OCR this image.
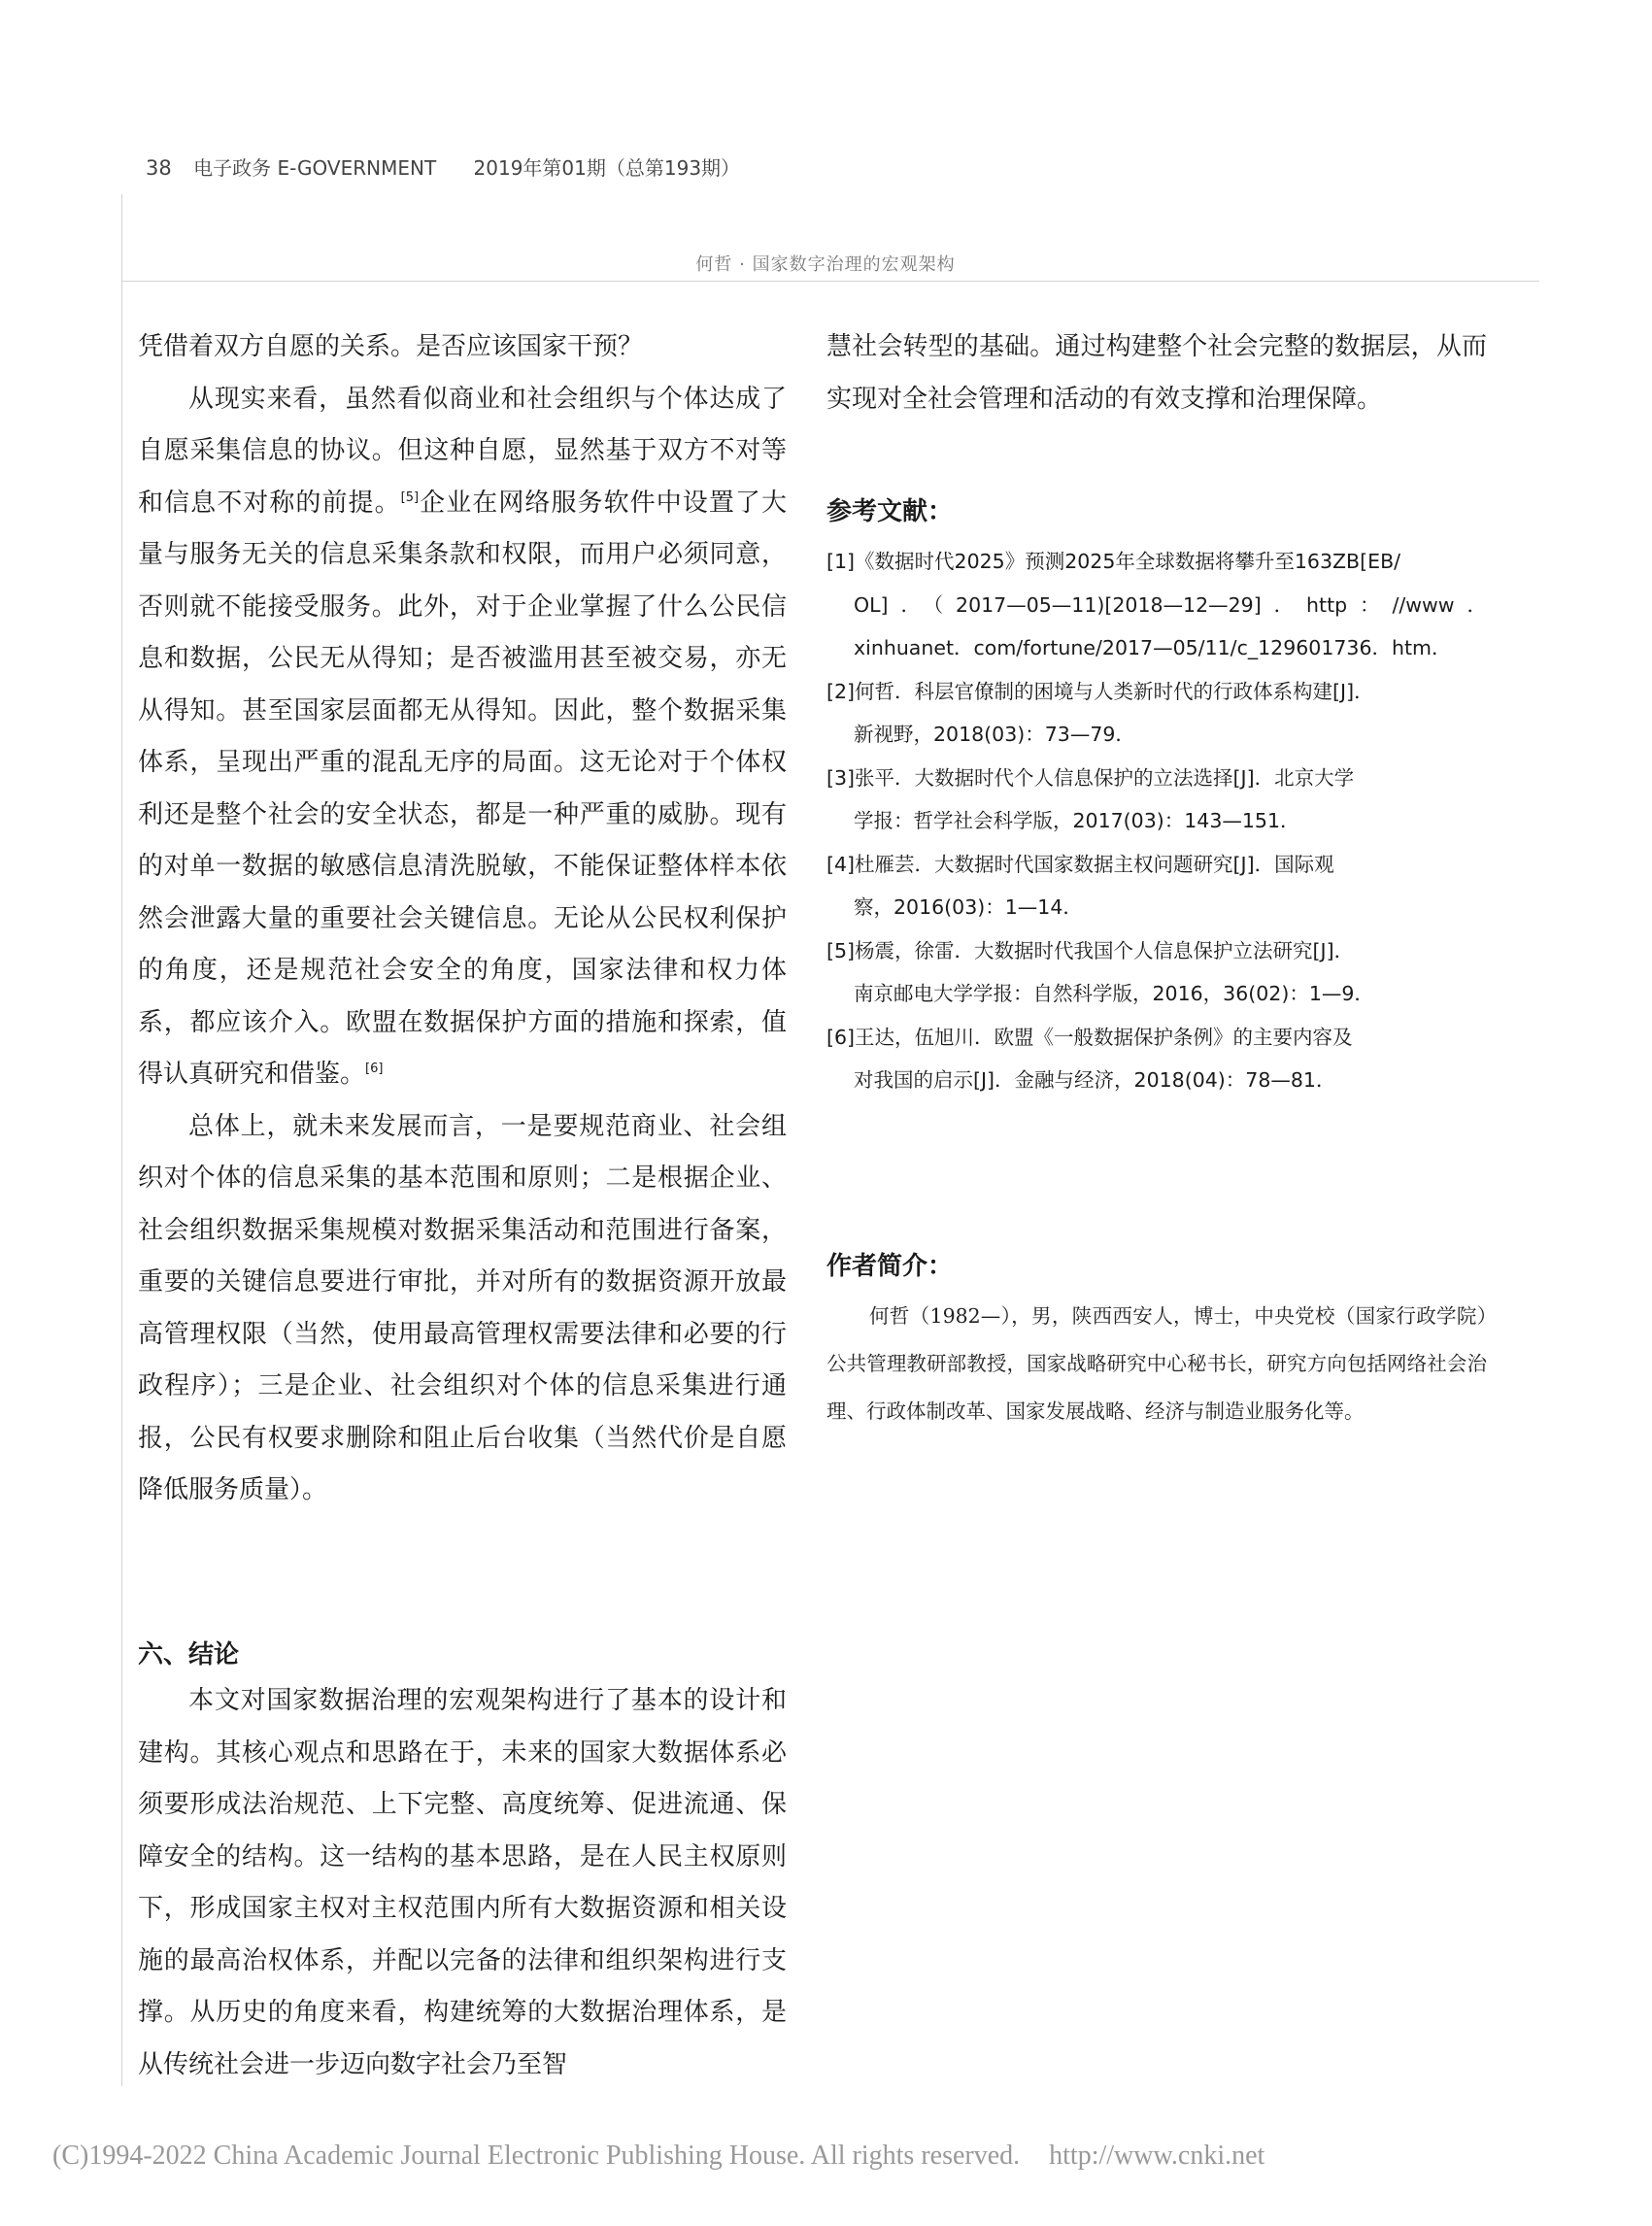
38 电子政务 E-GOVERNMENT 2019年第01期（总第193期）
何哲 · 国家数字治理的宏观架构

凭借着双方自愿的关系。是否应该国家干预？

从现实来看，虽然看似商业和社会组织与个体达成了自愿采集信息的协议。但这种自愿，显然基于双方不对等和信息不对称的前提。[5]企业在网络服务软件中设置了大量与服务无关的信息采集条款和权限，而用户必须同意，否则就不能接受服务。此外，对于企业掌握了什么公民信息和数据，公民无从得知；是否被滥用甚至被交易，亦无从得知。甚至国家层面都无从得知。因此，整个数据采集体系，呈现出严重的混乱无序的局面。这无论对于个体权利还是整个社会的安全状态，都是一种严重的威胁。现有的对单一数据的敏感信息清洗脱敏，不能保证整体样本依然会泄露大量的重要社会关键信息。无论从公民权利保护的角度，还是规范社会安全的角度，国家法律和权力体系，都应该介入。欧盟在数据保护方面的措施和探索，值得认真研究和借鉴。[6]

总体上，就未来发展而言，一是要规范商业、社会组织对个体的信息采集的基本范围和原则；二是根据企业、社会组织数据采集规模对数据采集活动和范围进行备案，重要的关键信息要进行审批，并对所有的数据资源开放最高管理权限（当然，使用最高管理权需要法律和必要的行政程序）；三是企业、社会组织对个体的信息采集进行通报，公民有权要求删除和阻止后台收集（当然代价是自愿降低服务质量）。

六、结论

本文对国家数据治理的宏观架构进行了基本的设计和建构。其核心观点和思路在于，未来的国家大数据体系必须要形成法治规范、上下完整、高度统筹、促进流通、保障安全的结构。这一结构的基本思路，是在人民主权原则下，形成国家主权对主权范围内所有大数据资源和相关设施的最高治权体系，并配以完备的法律和组织架构进行支撑。从历史的角度来看，构建统筹的大数据治理体系，是从传统社会进一步迈向数字社会乃至智

慧社会转型的基础。通过构建整个社会完整的数据层，从而实现对全社会管理和活动的有效支撑和治理保障。

参考文献：

[1]《数据时代2025》预测2025年全球数据将攀升至163ZB[EB/
OL]．（2017—05—11)[2018—12—29]．http：//www．xinhuanet．com/fortune/2017—05/11/c_129601736．htm．

[2]何哲．科层官僚制的困境与人类新时代的行政体系构建[J]．
新视野，2018(03)：73—79．

[3]张平．大数据时代个人信息保护的立法选择[J]．北京大学
学报：哲学社会科学版，2017(03)：143—151．

[4]杜雁芸．大数据时代国家数据主权问题研究[J]．国际观
察，2016(03)：1—14．

[5]杨震，徐雷．大数据时代我国个人信息保护立法研究[J]．
南京邮电大学学报：自然科学版，2016，36(02)：1—9．

[6]王达，伍旭川．欧盟《一般数据保护条例》的主要内容及
对我国的启示[J]．金融与经济，2018(04)：78—81．

作者简介：

何哲（1982—），男，陕西西安人，博士，中央党校（国家行政学院）公共管理教研部教授，国家战略研究中心秘书长，研究方向包括网络社会治理、行政体制改革、国家发展战略、经济与制造业服务化等。

(C)1994-2022 China Academic Journal Electronic Publishing House. All rights reserved. http://www.cnki.net
